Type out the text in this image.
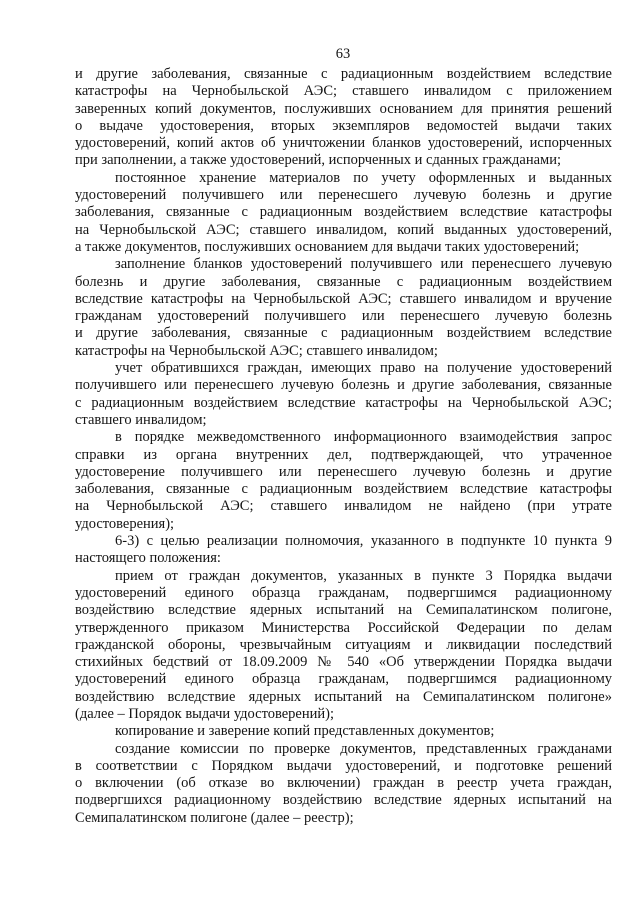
63
и другие заболевания, связанные с радиационным воздействием вследствие
катастрофы на Чернобыльской АЭС; ставшего инвалидом с приложением
заверенных копий документов, послуживших основанием для принятия решений
о выдаче удостоверения, вторых экземпляров ведомостей выдачи таких
удостоверений, копий актов об уничтожении бланков удостоверений, испорченных
при заполнении, а также удостоверений, испорченных и сданных гражданами;
постоянное хранение материалов по учету оформленных и выданных
удостоверений получившего или перенесшего лучевую болезнь и другие
заболевания, связанные с радиационным воздействием вследствие катастрофы
на Чернобыльской АЭС; ставшего инвалидом, копий выданных удостоверений,
а также документов, послуживших основанием для выдачи таких удостоверений;
заполнение бланков удостоверений получившего или перенесшего лучевую
болезнь и другие заболевания, связанные с радиационным воздействием
вследствие катастрофы на Чернобыльской АЭС; ставшего инвалидом и вручение
гражданам удостоверений получившего или перенесшего лучевую болезнь
и другие заболевания, связанные с радиационным воздействием вследствие
катастрофы на Чернобыльской АЭС; ставшего инвалидом;
учет обратившихся граждан, имеющих право на получение удостоверений
получившего или перенесшего лучевую болезнь и другие заболевания, связанные
с радиационным воздействием вследствие катастрофы на Чернобыльской АЭС;
ставшего инвалидом;
в порядке межведомственного информационного взаимодействия запрос
справки из органа внутренних дел, подтверждающей, что утраченное
удостоверение получившего или перенесшего лучевую болезнь и другие
заболевания, связанные с радиационным воздействием вследствие катастрофы
на Чернобыльской АЭС; ставшего инвалидом не найдено (при утрате
удостоверения);
6-3) с целью реализации полномочия, указанного в подпункте 10 пункта 9
настоящего положения:
прием от граждан документов, указанных в пункте 3 Порядка выдачи
удостоверений единого образца гражданам, подвергшимся радиационному
воздействию вследствие ядерных испытаний на Семипалатинском полигоне,
утвержденного приказом Министерства Российской Федерации по делам
гражданской обороны, чрезвычайным ситуациям и ликвидации последствий
стихийных бедствий от 18.09.2009 № 540 «Об утверждении Порядка выдачи
удостоверений единого образца гражданам, подвергшимся радиационному
воздействию вследствие ядерных испытаний на Семипалатинском полигоне»
(далее – Порядок выдачи удостоверений);
копирование и заверение копий представленных документов;
создание комиссии по проверке документов, представленных гражданами
в соответствии с Порядком выдачи удостоверений, и подготовке решений
о включении (об отказе во включении) граждан в реестр учета граждан,
подвергшихся радиационному воздействию вследствие ядерных испытаний на
Семипалатинском полигоне (далее – реестр);
